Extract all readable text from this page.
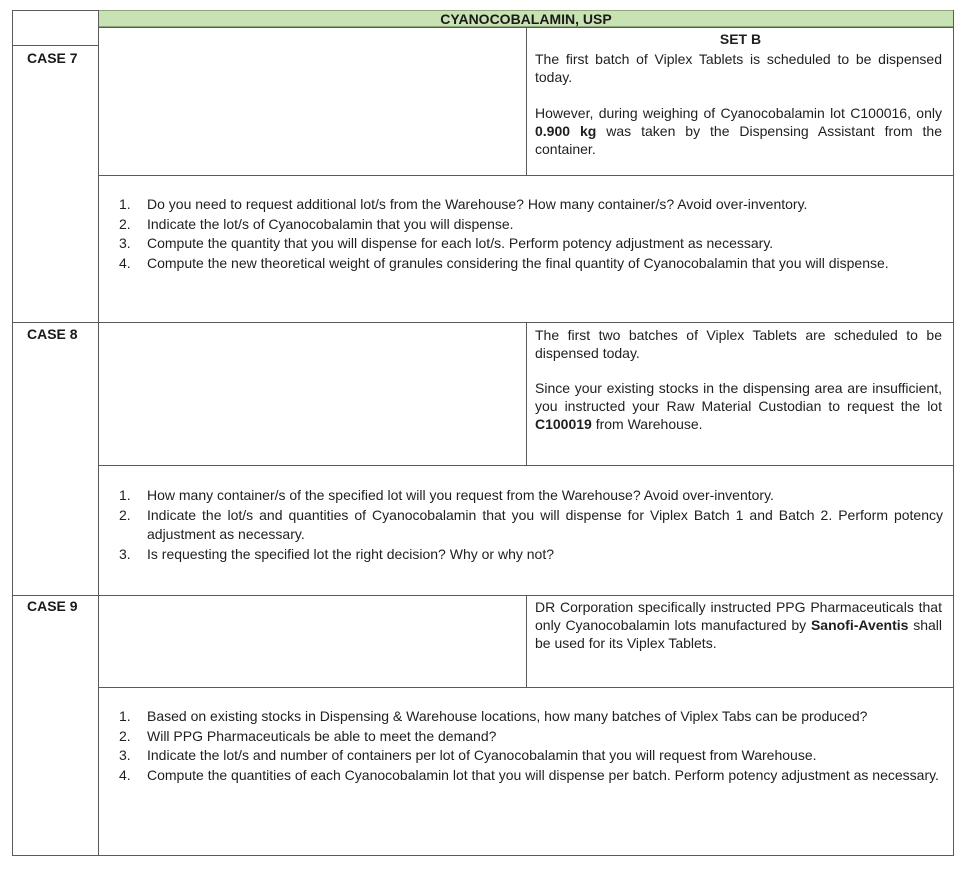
CYANOCOBALAMIN, USP
SET B
CASE 7	The first batch of Viplex Tablets is scheduled to be dispensed today.
However, during weighing of Cyanocobalamin lot C100016, only 0.900 kg was taken by the Dispensing Assistant from the container.
1. Do you need to request additional lot/s from the Warehouse? How many container/s? Avoid over-inventory.
2. Indicate the lot/s of Cyanocobalamin that you will dispense.
3. Compute the quantity that you will dispense for each lot/s. Perform potency adjustment as necessary.
4. Compute the new theoretical weight of granules considering the final quantity of Cyanocobalamin that you will dispense.
CASE 8	The first two batches of Viplex Tablets are scheduled to be dispensed today.
Since your existing stocks in the dispensing area are insufficient, you instructed your Raw Material Custodian to request the lot C100019 from Warehouse.
1. How many container/s of the specified lot will you request from the Warehouse? Avoid over-inventory.
2. Indicate the lot/s and quantities of Cyanocobalamin that you will dispense for Viplex Batch 1 and Batch 2. Perform potency adjustment as necessary.
3. Is requesting the specified lot the right decision? Why or why not?
CASE 9	DR Corporation specifically instructed PPG Pharmaceuticals that only Cyanocobalamin lots manufactured by Sanofi-Aventis shall be used for its Viplex Tablets.
1. Based on existing stocks in Dispensing & Warehouse locations, how many batches of Viplex Tabs can be produced?
2. Will PPG Pharmaceuticals be able to meet the demand?
3. Indicate the lot/s and number of containers per lot of Cyanocobalamin that you will request from Warehouse.
4. Compute the quantities of each Cyanocobalamin lot that you will dispense per batch. Perform potency adjustment as necessary.
